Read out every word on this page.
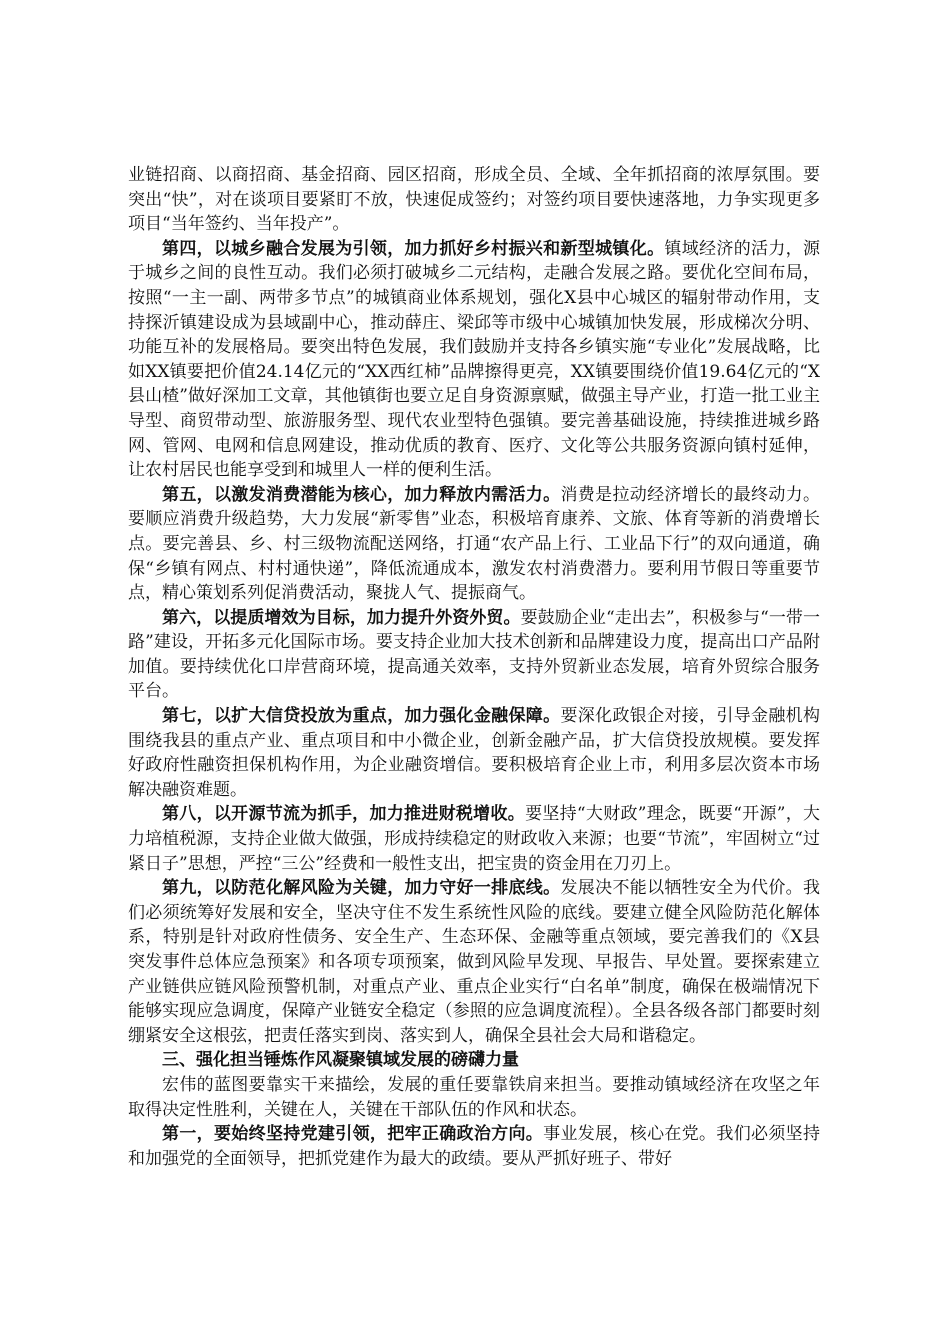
业链招商、以商招商、基金招商、园区招商，形成全员、全域、全年抓招商的浓厚氛围。要突出“快”，对在谈项目要紧盯不放，快速促成签约；对签约项目要快速落地，力争实现更多项目“当年签约、当年投产”。

第四，以城乡融合发展为引领，加力抓好乡村振兴和新型城镇化。镇域经济的活力，源于城乡之间的良性互动。我们必须打破城乡二元结构，走融合发展之路。要优化空间布局，按照“一主一副、两带多节点”的城镇商业体系规划，强化X县中心城区的辐射带动作用，支持探沂镇建设成为县域副中心，推动薛庄、梁邱等市级中心城镇加快发展，形成梯次分明、功能互补的发展格局。要突出特色发展，我们鼓励并支持各乡镇实施“专业化”发展战略，比如XX镇要把价值24.14亿元的“XX西红柿”品牌擦得更亮，XX镇要围绕价值19.64亿元的“X县山楂”做好深加工文章，其他镇街也要立足自身资源禀赋，做强主导产业，打造一批工业主导型、商贸带动型、旅游服务型、现代农业型特色强镇。要完善基础设施，持续推进城乡路网、管网、电网和信息网建设，推动优质的教育、医疗、文化等公共服务资源向镇村延伸，让农村居民也能享受到和城里人一样的便利生活。

第五，以激发消费潜能为核心，加力释放内需活力。消费是拉动经济增长的最终动力。要顺应消费升级趋势，大力发展“新零售”业态，积极培育康养、文旅、体育等新的消费增长点。要完善县、乡、村三级物流配送网络，打通“农产品上行、工业品下行”的双向通道，确保“乡镇有网点、村村通快递”，降低流通成本，激发农村消费潜力。要利用节假日等重要节点，精心策划系列促消费活动，聚拢人气、提振商气。

第六，以提质增效为目标，加力提升外资外贸。要鼓励企业“走出去”，积极参与“一带一路”建设，开拓多元化国际市场。要支持企业加大技术创新和品牌建设力度，提高出口产品附加值。要持续优化口岸营商环境，提高通关效率，支持外贸新业态发展，培育外贸综合服务平台。

第七，以扩大信贷投放为重点，加力强化金融保障。要深化政银企对接，引导金融机构围绕我县的重点产业、重点项目和中小微企业，创新金融产品，扩大信贷投放规模。要发挥好政府性融资担保机构作用，为企业融资增信。要积极培育企业上市，利用多层次资本市场解决融资难题。

第八，以开源节流为抓手，加力推进财税增收。要坚持“大财政”理念，既要“开源”，大力培植税源，支持企业做大做强，形成持续稳定的财政收入来源；也要“节流”，牢固树立“过紧日子”思想，严控“三公”经费和一般性支出，把宝贵的资金用在刀刃上。

第九，以防范化解风险为关键，加力守好一排底线。发展决不能以牺牲安全为代价。我们必须统筹好发展和安全，坚决守住不发生系统性风险的底线。要建立健全风险防范化解体系，特别是针对政府性债务、安全生产、生态环保、金融等重点领域，要完善我们的《X县突发事件总体应急预案》和各项专项预案，做到风险早发现、早报告、早处置。要探索建立产业链供应链风险预警机制，对重点产业、重点企业实行“白名单”制度，确保在极端情况下能够实现应急调度，保障产业链安全稳定（参照的应急调度流程）。全县各级各部门都要时刻绷紧安全这根弦，把责任落实到岗、落实到人，确保全县社会大局和谐稳定。

三、强化担当锤炼作风凝聚镇域发展的磅礴力量

宏伟的蓝图要靠实干来描绘，发展的重任要靠铁肩来担当。要推动镇域经济在攻坚之年取得决定性胜利，关键在人，关键在干部队伍的作风和状态。

第一，要始终坚持党建引领，把牢正确政治方向。事业发展，核心在党。我们必须坚持和加强党的全面领导，把抓党建作为最大的政绩。要从严抓好班子、带好
